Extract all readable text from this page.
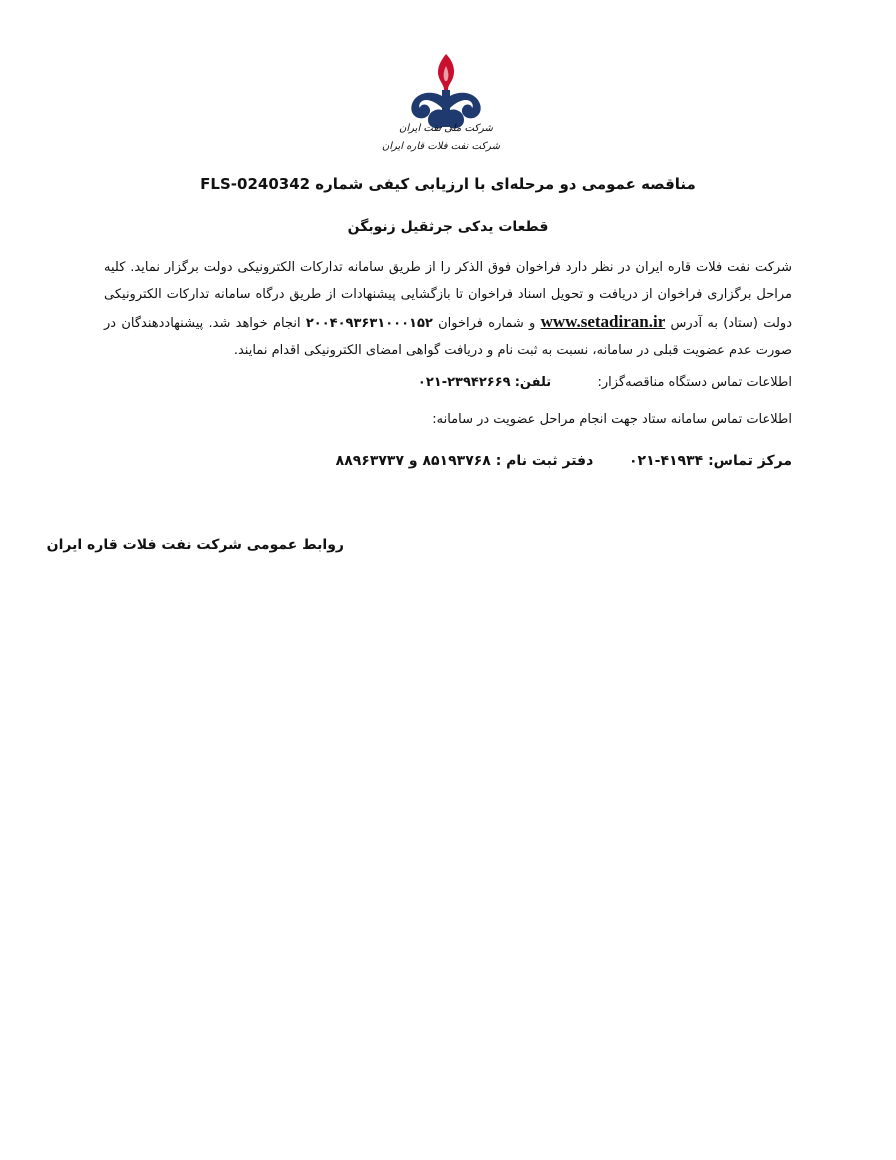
شرکت ملی نفت ایران
شرکت نفت فلات قاره ایران
مناقصه عمومی دو مرحله‌ای با ارزیابی کیفی شماره FLS-0240342
قطعات یدکی جرثقیل زنوبگن
شرکت نفت فلات قاره ایران در نظر دارد فراخوان فوق الذکر را از طریق سامانه تدارکات الکترونیکی دولت برگزار نماید. کلیه مراحل برگزاری فراخوان از دریافت و تحویل اسناد فراخوان تا بازگشایی پیشنهادات از طریق درگاه سامانه تدارکات الکترونیکی دولت (ستاد) به آدرس www.setadiran.ir و شماره فراخوان ۲۰۰۴۰۹۳۶۳۱۰۰۰۱۵۲ انجام خواهد شد. پیشنهاددهندگان در صورت عدم عضویت قبلی در سامانه، نسبت به ثبت نام و دریافت گواهی امضای الکترونیکی اقدام نمایند.
اطلاعات تماس دستگاه مناقصه‌گزار:  تلفن: ۲۳۹۴۲۶۶۹-۰۲۱
اطلاعات تماس سامانه ستاد جهت انجام مراحل عضویت در سامانه:
مرکز تماس: ۴۱۹۳۴-۰۲۱  دفتر ثبت نام : ۸۵۱۹۳۷۶۸ و ۸۸۹۶۳۷۳۷
روابط عمومی شرکت نفت فلات قاره ایران
